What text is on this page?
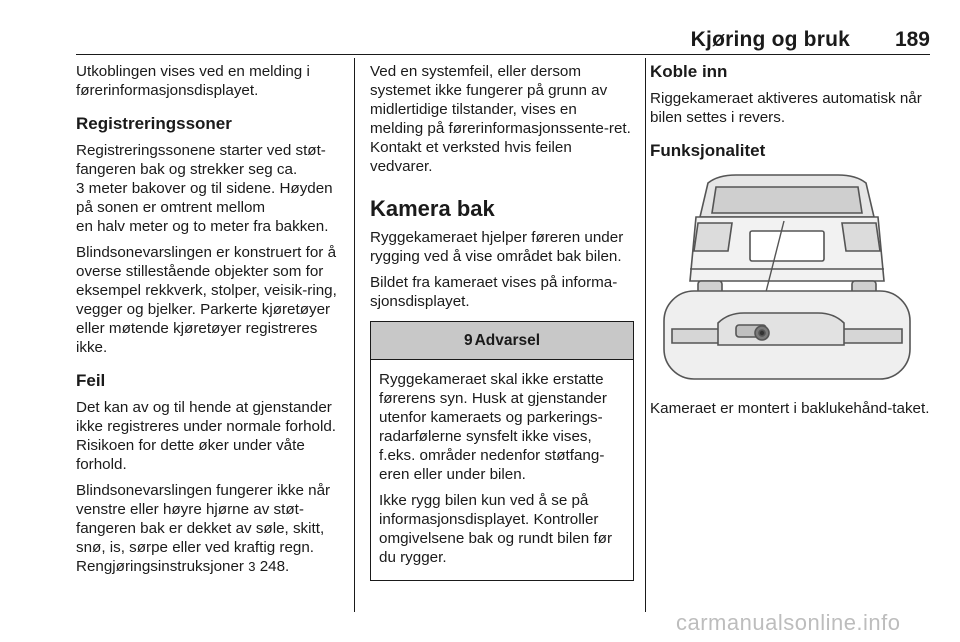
Kjøring og bruk	189

Utkoblingen vises ved en melding i førerinformasjonsdisplayet.

Registreringssoner
Registreringssonene starter ved støt-fangeren bak og strekker seg ca.
3 meter bakover og til sidene. Høyden på sonen er omtrent mellom
en halv meter og to meter fra bakken.

Blindsonevarslingen er konstruert for å overse stillestående objekter som for eksempel rekkverk, stolper, veisik-ring, vegger og bjelker. Parkerte kjøretøyer eller møtende kjøretøyer registreres ikke.

Feil

Det kan av og til hende at gjenstander ikke registreres under normale forhold. Risikoen for dette øker under våte forhold.

Blindsonevarslingen fungerer ikke når venstre eller høyre hjørne av støt-fangeren bak er dekket av søle, skitt, snø, is, sørpe eller ved kraftig regn. Rengjøringsinstruksjoner 3 248.

Ved en systemfeil, eller dersom systemet ikke fungerer på grunn av midlertidige tilstander, vises en melding på førerinformasjonssente-ret. Kontakt et verksted hvis feilen vedvarer.

Kamera bak

Ryggekameraet hjelper føreren under rygging ved å vise området bak bilen.

Bildet fra kameraet vises på informa-sjonsdisplayet.

9 Advarsel

Ryggekameraet skal ikke erstatte førerens syn. Husk at gjenstander utenfor kameraets og parkerings-radarfølerne synsfelt ikke vises, f.eks. områder nedenfor støtfang-eren eller under bilen.

Ikke rygg bilen kun ved å se på informasjonsdisplayet. Kontroller omgivelsene bak og rundt bilen før du rygger.

Koble inn

Riggekameraet aktiveres automatisk når bilen settes i revers.

Funksjonalitet

Kameraet er montert i baklukehånd-taket.

carmanualsonline.info
